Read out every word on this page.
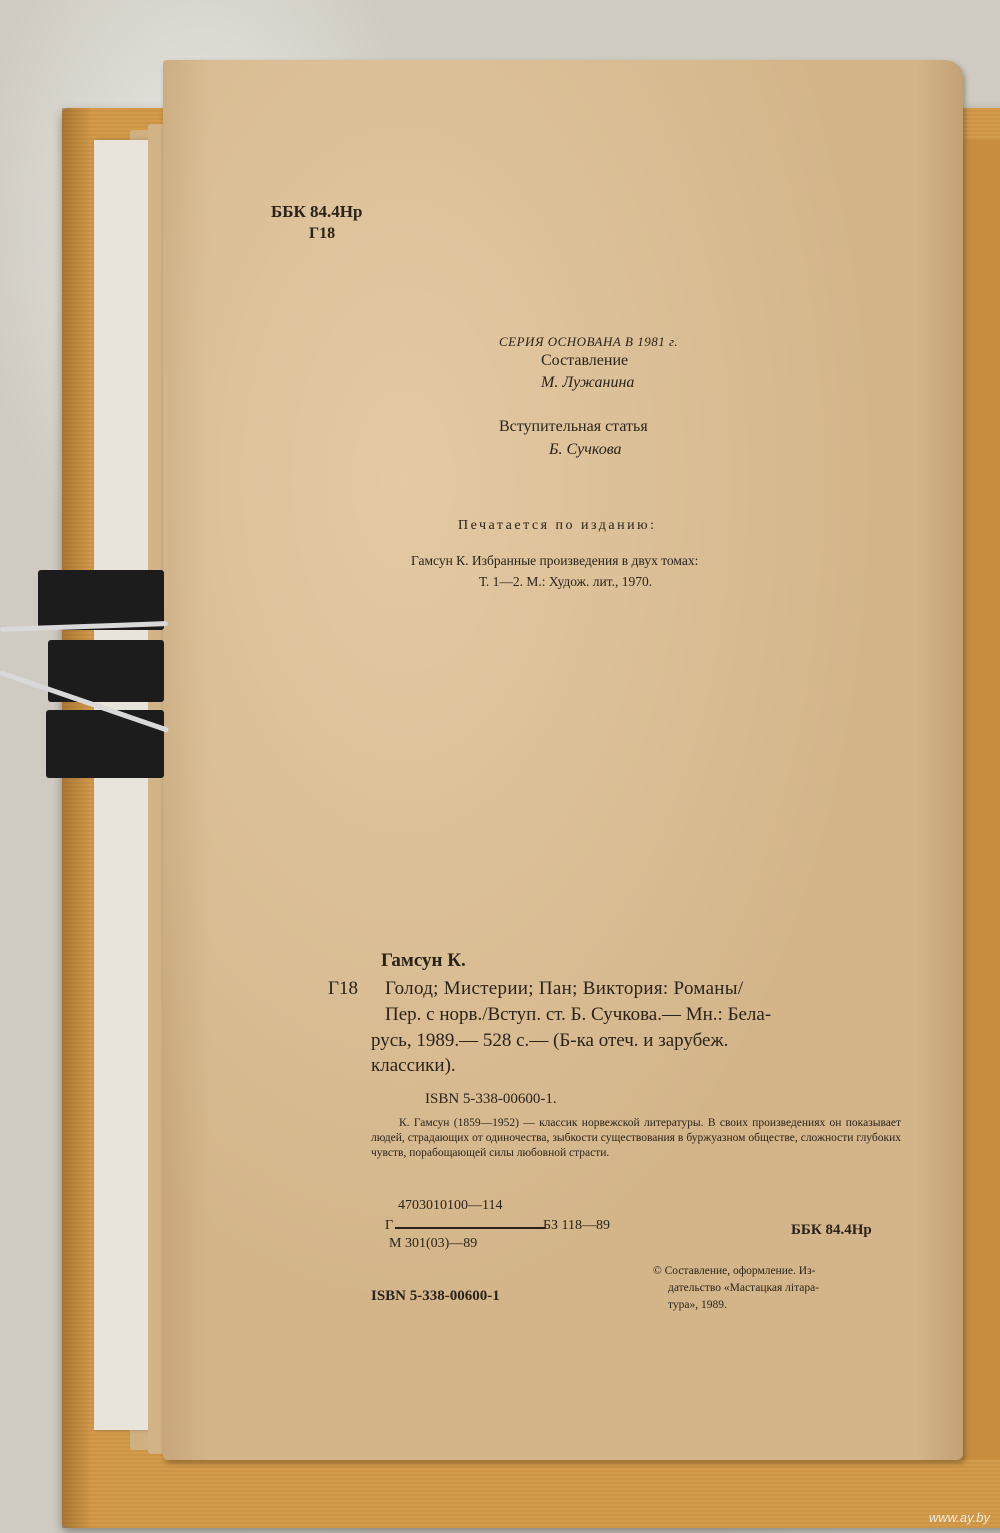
ББК 84.4Нр
Г18
СЕРИЯ ОСНОВАНА В 1981 г.
Составление
М. Лужанина
Вступительная статья
Б. Сучкова
Печатается по изданию:
Гамсун К. Избранные произведения в двух томах:
Т. 1—2. М.: Худож. лит., 1970.
Гамсун К.
Г18 Голод; Мистерии; Пан; Виктория: Романы/
Пер. с норв./Вступ. ст. Б. Сучкова.— Мн.: Бела-
русь, 1989.— 528 с.— (Б-ка отеч. и зарубеж.
классики).
ISBN 5-338-00600-1.
К. Гамсун (1859—1952) — классик норвежской литературы. В своих произведениях он показывает людей, страдающих от одиночества, зыбкости существования в буржуазном обществе, сложности глубоких чувств, порабощающей силы любовной страсти.
4703010100—114
Г	БЗ 118—89
М 301(03)—89
ББК 84.4Нр
ISBN 5-338-00600-1
© Составление, оформление. Из-
дательство «Мастацкая лiтара-
тура», 1989.
www.ay.by
